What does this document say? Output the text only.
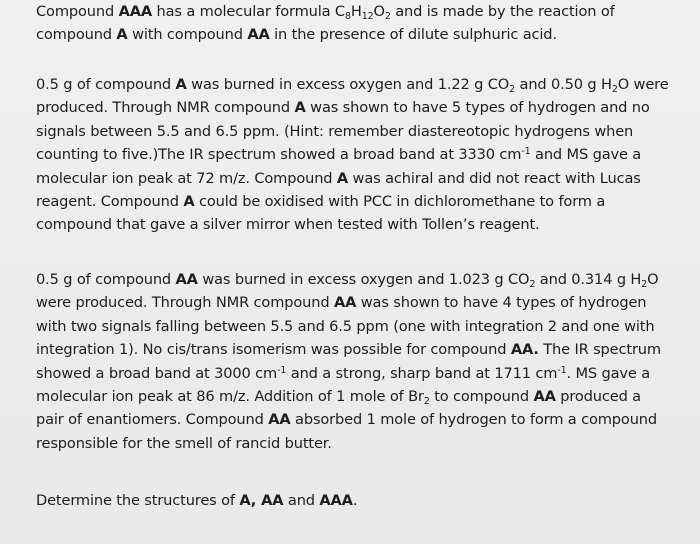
Compound AAA has a molecular formula $C_8H_{12}O_2$ and is made by the reaction of
compound A with compound AA in the presence of dilute sulphuric acid.
0.5 g of compound A was burned in excess oxygen and 1.22 g $CO_2$ and 0.50 g $H_2O$ were
produced. Through NMR compound A was shown to have 5 types of hydrogen and no
signals between 5.5 and 6.5 ppm. (Hint: remember diastereotopic hydrogens when
counting to five.)The IR spectrum showed a broad band at 3330 $cm^{-1}$ and MS gave a
molecular ion peak at 72 m/z. Compound A was achiral and did not react with Lucas
reagent. Compound A could be oxidised with PCC in dichloromethane to form a
compound that gave a silver mirror when tested with Tollen’s reagent.
0.5 g of compound AA was burned in excess oxygen and 1.023 g $CO_2$ and 0.314 g $H_2O$
were produced. Through NMR compound AA was shown to have 4 types of hydrogen
with two signals falling between 5.5 and 6.5 ppm (one with integration 2 and one with
integration 1). No cis/trans isomerism was possible for compound AA. The IR spectrum
showed a broad band at 3000 $cm^{-1}$ and a strong, sharp band at 1711 $cm^{-1}$. MS gave a
molecular ion peak at 86 m/z. Addition of 1 mole of $Br_2$ to compound AA produced a
pair of enantiomers. Compound AA absorbed 1 mole of hydrogen to form a compound
responsible for the smell of rancid butter.
Determine the structures of A, AA and AAA.
